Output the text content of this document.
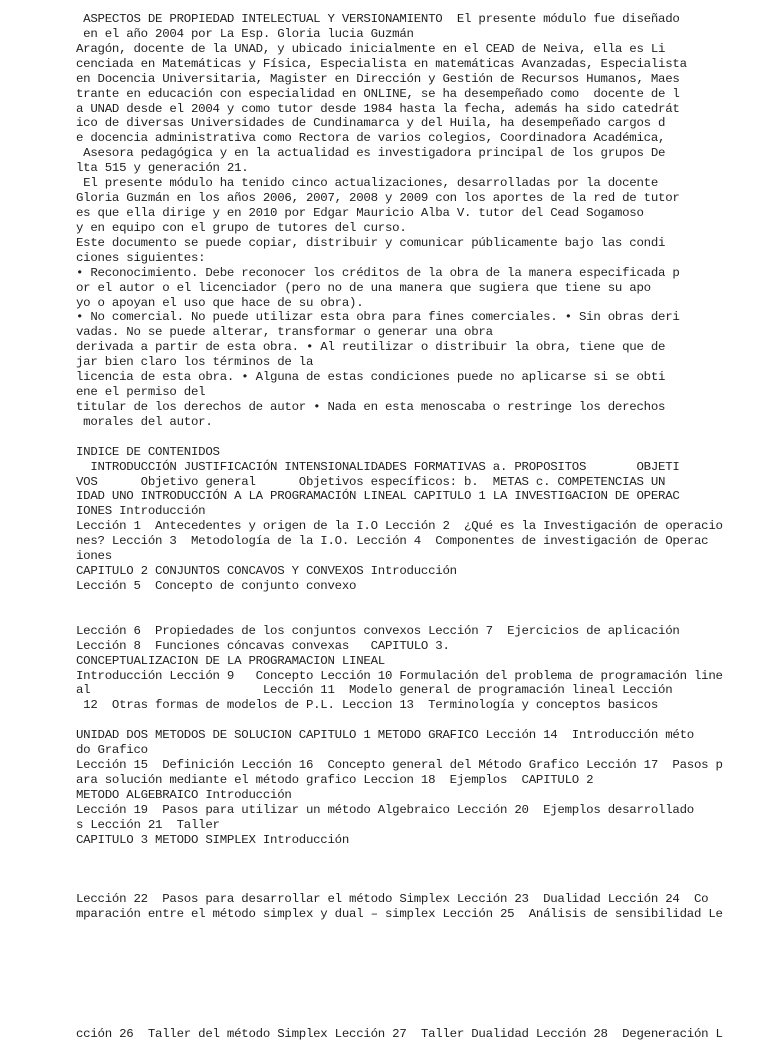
ASPECTOS DE PROPIEDAD INTELECTUAL Y VERSIONAMIENTO  El presente módulo fue diseñado
en el año 2004 por La Esp. Gloria lucia Guzmán
Aragón, docente de la UNAD, y ubicado inicialmente en el CEAD de Neiva, ella es Li
cenciada en Matemáticas y Física, Especialista en matemáticas Avanzadas, Especialista
en Docencia Universitaria, Magister en Dirección y Gestión de Recursos Humanos, Maes
trante en educación con especialidad en ONLINE, se ha desempeñado como  docente de l
a UNAD desde el 2004 y como tutor desde 1984 hasta la fecha, además ha sido catedrát
ico de diversas Universidades de Cundinamarca y del Huila, ha desempeñado cargos d
e docencia administrativa como Rectora de varios colegios, Coordinadora Académica,
Asesora pedagógica y en la actualidad es investigadora principal de los grupos De
lta 515 y generación 21.
El presente módulo ha tenido cinco actualizaciones, desarrolladas por la docente
Gloria Guzmán en los años 2006, 2007, 2008 y 2009 con los aportes de la red de tutor
es que ella dirige y en 2010 por Edgar Mauricio Alba V. tutor del Cead Sogamoso
y en equipo con el grupo de tutores del curso.
Este documento se puede copiar, distribuir y comunicar públicamente bajo las condi
ciones siguientes:
• Reconocimiento. Debe reconocer los créditos de la obra de la manera especificada p
or el autor o el licenciador (pero no de una manera que sugiera que tiene su apo
yo o apoyan el uso que hace de su obra).
• No comercial. No puede utilizar esta obra para fines comerciales. • Sin obras deri
vadas. No se puede alterar, transformar o generar una obra
derivada a partir de esta obra. • Al reutilizar o distribuir la obra, tiene que de
jar bien claro los términos de la
licencia de esta obra. • Alguna de estas condiciones puede no aplicarse si se obti
ene el permiso del
titular de los derechos de autor • Nada en esta menoscaba o restringe los derechos
morales del autor.
INDICE DE CONTENIDOS
INTRODUCCIÓN JUSTIFICACIÓN INTENSIONALIDADES FORMATIVAS a. PROPOSITOS       OBJETI
VOS      Objetivo general      Objetivos específicos: b.  METAS c. COMPETENCIAS UN
IDAD UNO INTRODUCCIÓN A LA PROGRAMACIÓN LINEAL CAPITULO 1 LA INVESTIGACION DE OPERAC
IONES Introducción
Lección 1  Antecedentes y origen de la I.O Lección 2  ¿Qué es la Investigación de operacio
nes? Lección 3  Metodología de la I.O. Lección 4  Componentes de investigación de Operac
iones
CAPITULO 2 CONJUNTOS CONCAVOS Y CONVEXOS Introducción
Lección 5  Concepto de conjunto convexo
Lección 6  Propiedades de los conjuntos convexos Lección 7  Ejercicios de aplicación
Lección 8  Funciones cóncavas convexas   CAPITULO 3.
CONCEPTUALIZACION DE LA PROGRAMACION LINEAL
Introducción Lección 9   Concepto Lección 10 Formulación del problema de programación line
al                        Lección 11  Modelo general de programación lineal Lección
12  Otras formas de modelos de P.L. Leccion 13  Terminología y conceptos basicos
UNIDAD DOS METODOS DE SOLUCION CAPITULO 1 METODO GRAFICO Lección 14  Introducción méto
do Grafico
Lección 15  Definición Lección 16  Concepto general del Método Grafico Lección 17  Pasos p
ara solución mediante el método grafico Leccion 18  Ejemplos  CAPITULO 2
METODO ALGEBRAICO Introducción
Lección 19  Pasos para utilizar un método Algebraico Lección 20  Ejemplos desarrollado
s Lección 21  Taller
CAPITULO 3 METODO SIMPLEX Introducción
Lección 22  Pasos para desarrollar el método Simplex Lección 23  Dualidad Lección 24  Co
mparación entre el método simplex y dual – simplex Lección 25  Análisis de sensibilidad Le
cción 26  Taller del método Simplex Lección 27  Taller Dualidad Lección 28  Degeneración L
